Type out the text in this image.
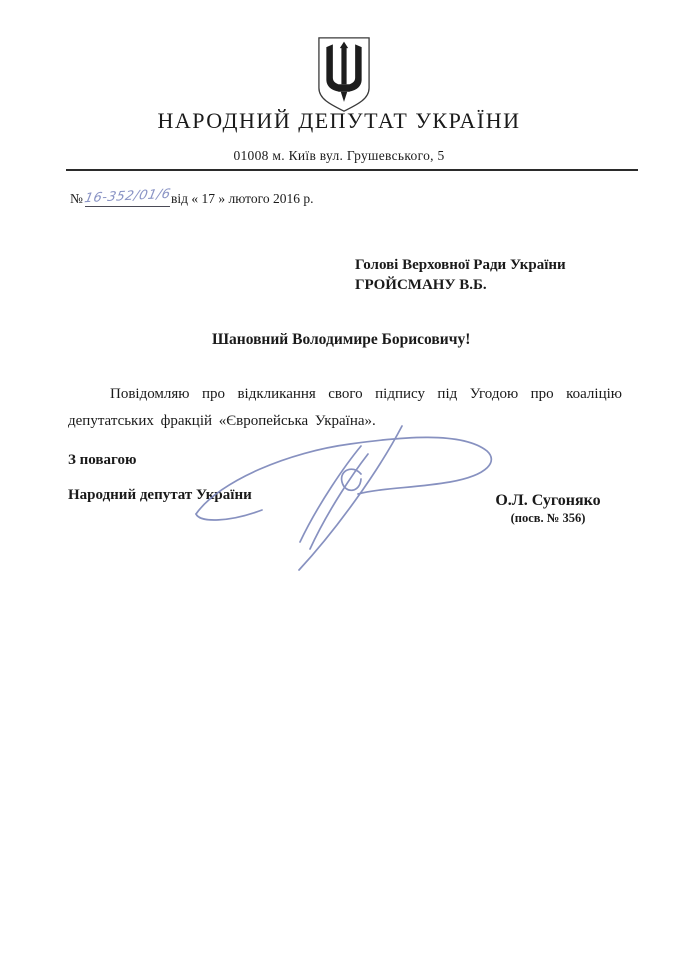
НАРОДНИЙ ДЕПУТАТ УКРАЇНИ
01008 м. Київ вул. Грушевського, 5
№16-352/01/6від « 17 » лютого 2016 р.
Голові Верховної Ради України
ГРОЙСМАНУ В.Б.
Шановний Володимире Борисовичу!
Повідомляю про відкликання свого підпису під Угодою про коаліцію депутатських фракцій «Європейська Україна».
З повагою
Народний депутат України	О.Л. Сугоняко
(посв. № 356)
